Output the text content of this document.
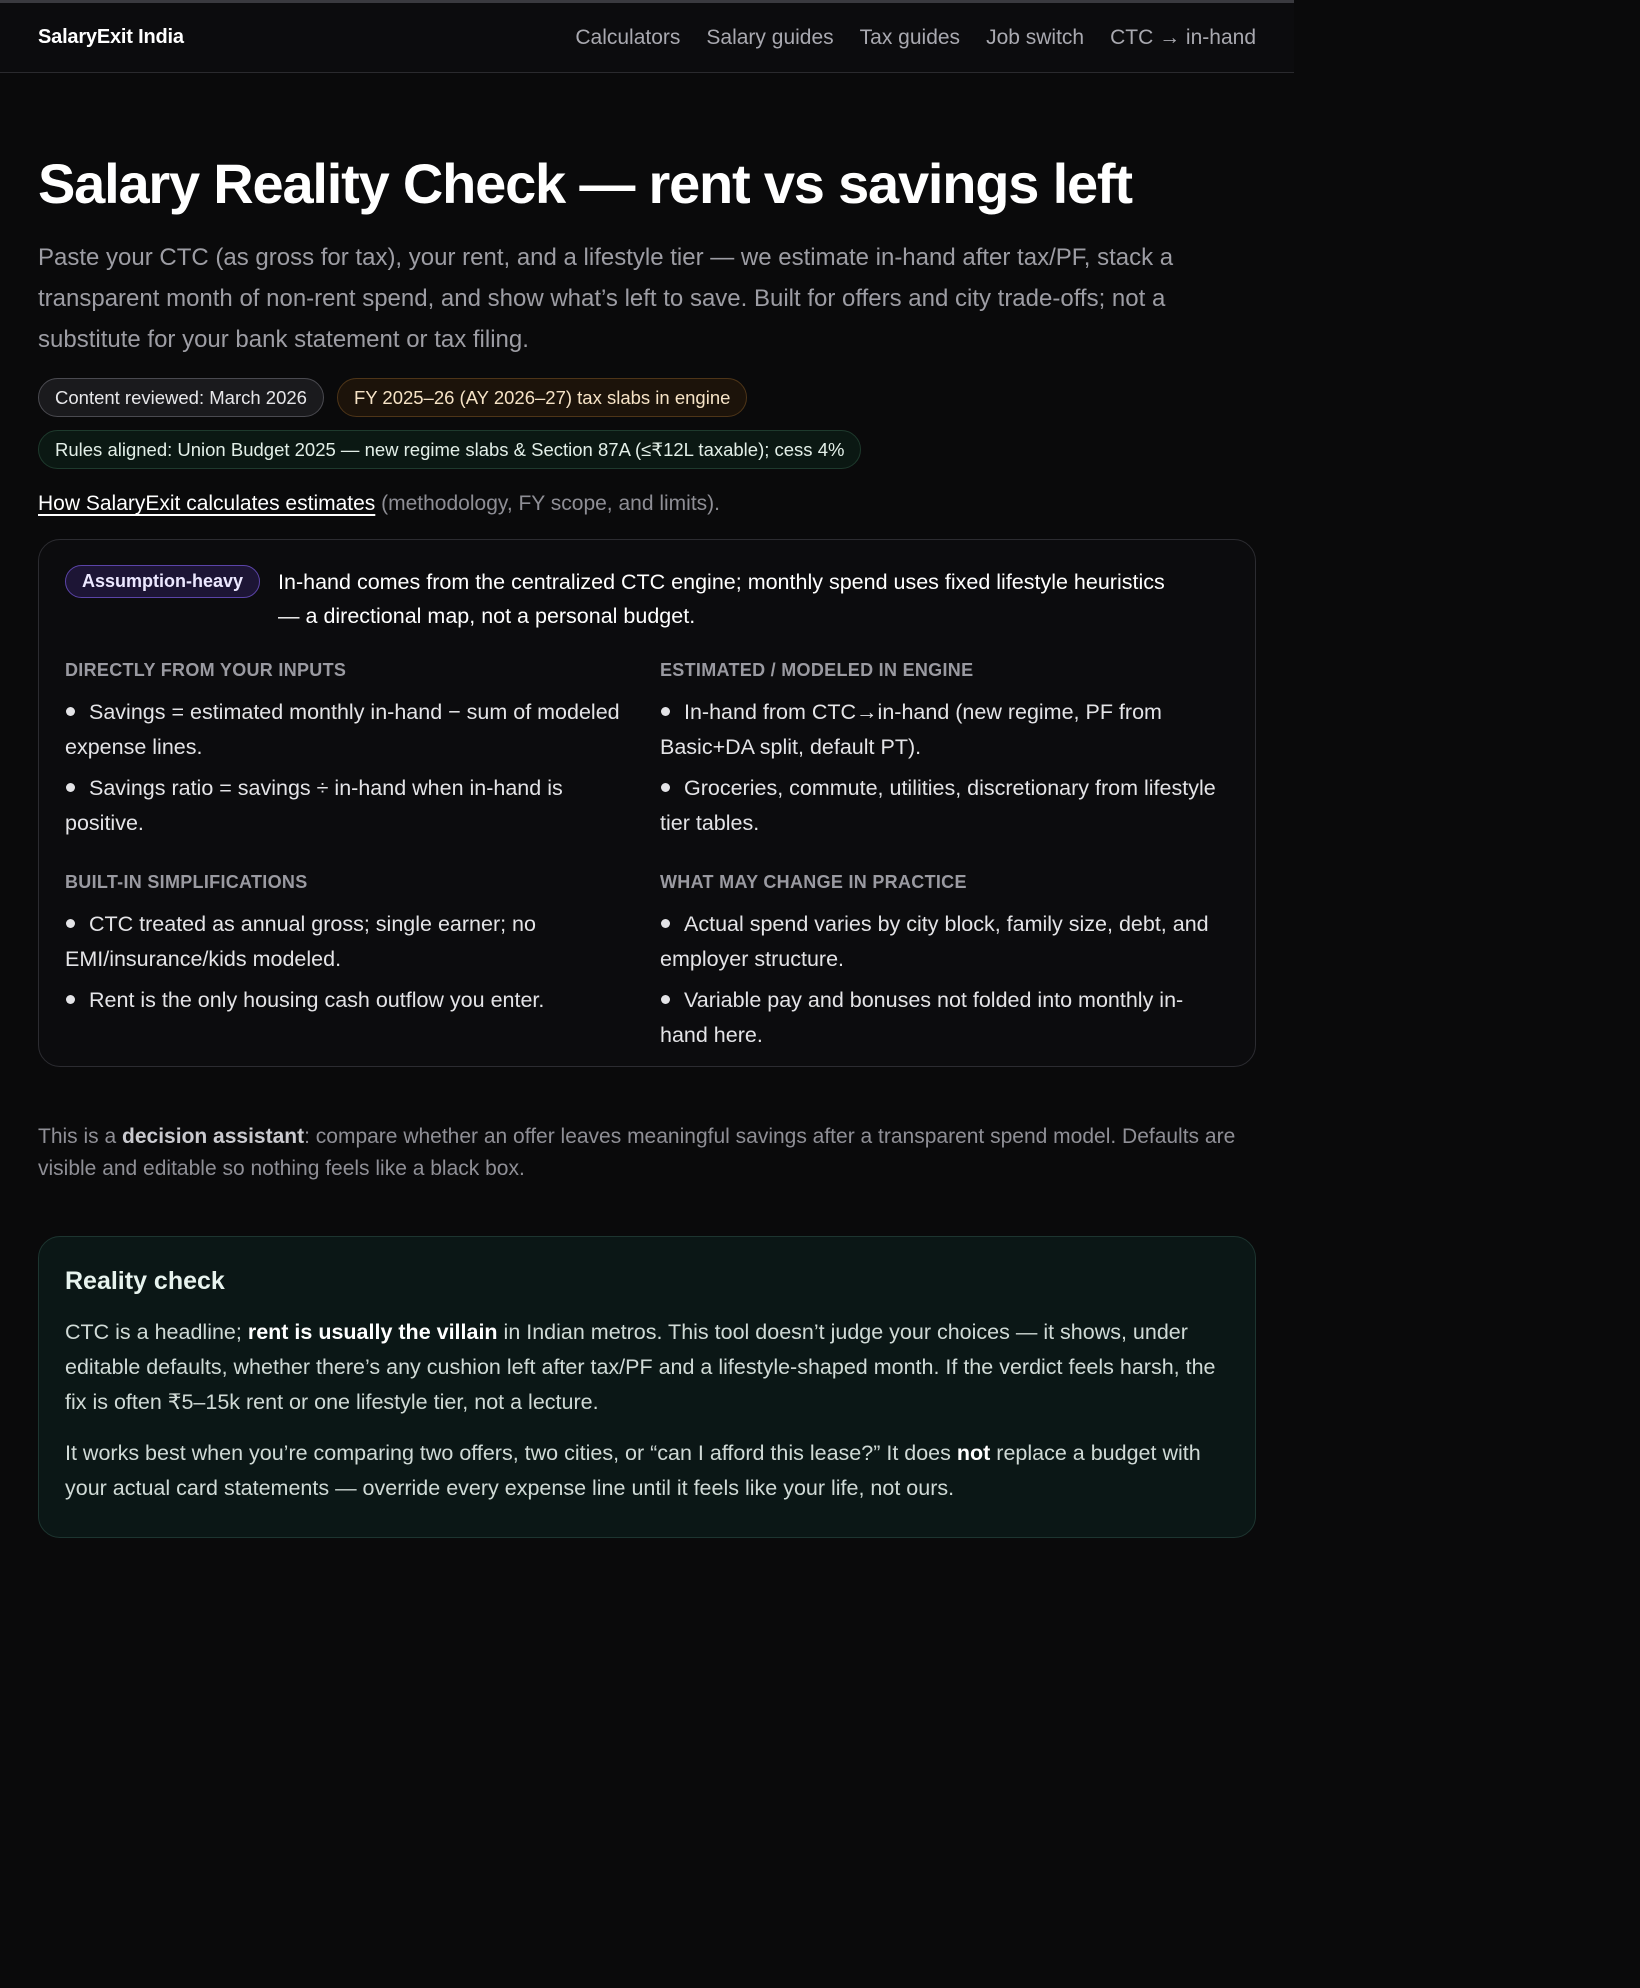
SalaryExit India	Calculators Salary guides Tax guides Job switch CTC → in-hand
Salary Reality Check — rent vs savings left

Paste your CTC (as gross for tax), your rent, and a lifestyle tier — we estimate in-hand after tax/PF, stack a transparent month of non-rent spend, and show what’s left to save. Built for offers and city trade-offs; not a substitute for your bank statement or tax filing.

Content reviewed: March 2026	FY 2025–26 (AY 2026–27) tax slabs in engine
Rules aligned: Union Budget 2025 — new regime slabs & Section 87A (≤₹12L taxable); cess 4%

How SalaryExit calculates estimates (methodology, FY scope, and limits).

Assumption-heavy	In-hand comes from the centralized CTC engine; monthly spend uses fixed lifestyle heuristics — a directional map, not a personal budget.

DIRECTLY FROM YOUR INPUTS
Savings = estimated monthly in-hand − sum of modeled expense lines.
Savings ratio = savings ÷ in-hand when in-hand is positive.
ESTIMATED / MODELED IN ENGINE
In-hand from CTC→in-hand (new regime, PF from Basic+DA split, default PT).
Groceries, commute, utilities, discretionary from lifestyle tier tables.
BUILT-IN SIMPLIFICATIONS
CTC treated as annual gross; single earner; no EMI/insurance/kids modeled.
Rent is the only housing cash outflow you enter.
WHAT MAY CHANGE IN PRACTICE
Actual spend varies by city block, family size, debt, and employer structure.
Variable pay and bonuses not folded into monthly in-hand here.

This is a decision assistant: compare whether an offer leaves meaningful savings after a transparent spend model. Defaults are visible and editable so nothing feels like a black box.

Reality check

CTC is a headline; rent is usually the villain in Indian metros. This tool doesn’t judge your choices — it shows, under editable defaults, whether there’s any cushion left after tax/PF and a lifestyle-shaped month. If the verdict feels harsh, the fix is often ₹5–15k rent or one lifestyle tier, not a lecture.

It works best when you’re comparing two offers, two cities, or “can I afford this lease?” It does not replace a budget with your actual card statements — override every expense line until it feels like your life, not ours.
